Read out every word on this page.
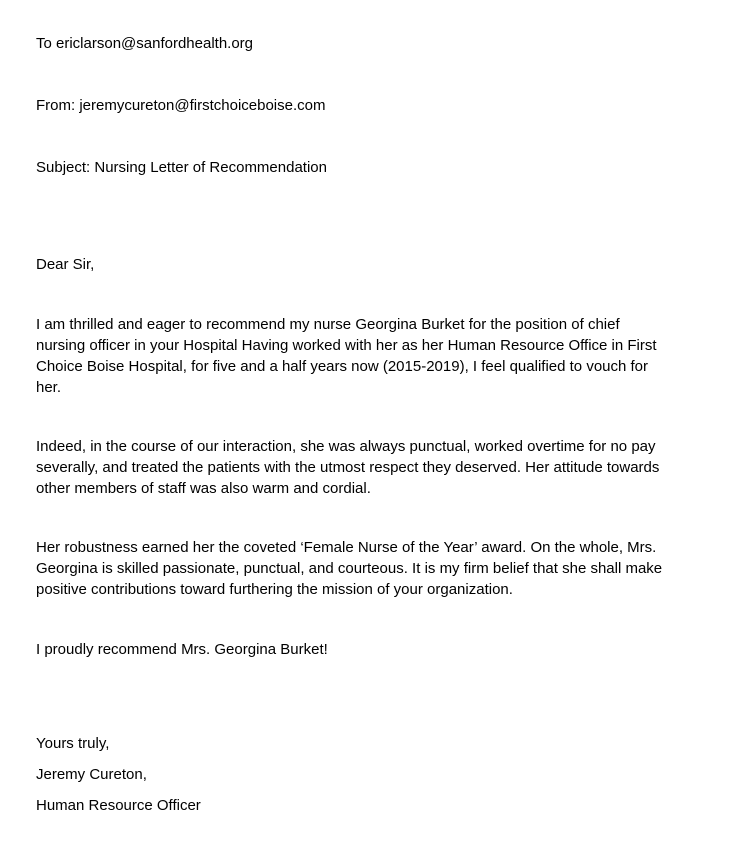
To ericlarson@sanfordhealth.org
From: jeremycureton@firstchoiceboise.com
Subject: Nursing Letter of Recommendation
Dear Sir,
I am thrilled and eager to recommend my nurse Georgina Burket for the position of chief
nursing officer in your Hospital Having worked with her as her Human Resource Office in First
Choice Boise Hospital, for five and a half years now (2015-2019), I feel qualified to vouch for
her.
Indeed, in the course of our interaction, she was always punctual, worked overtime for no pay
severally, and treated the patients with the utmost respect they deserved. Her attitude towards
other members of staff was also warm and cordial.
Her robustness earned her the coveted ‘Female Nurse of the Year’ award. On the whole, Mrs.
Georgina is skilled passionate, punctual, and courteous. It is my firm belief that she shall make
positive contributions toward furthering the mission of your organization.
I proudly recommend Mrs. Georgina Burket!
Yours truly,
Jeremy Cureton,
Human Resource Officer
